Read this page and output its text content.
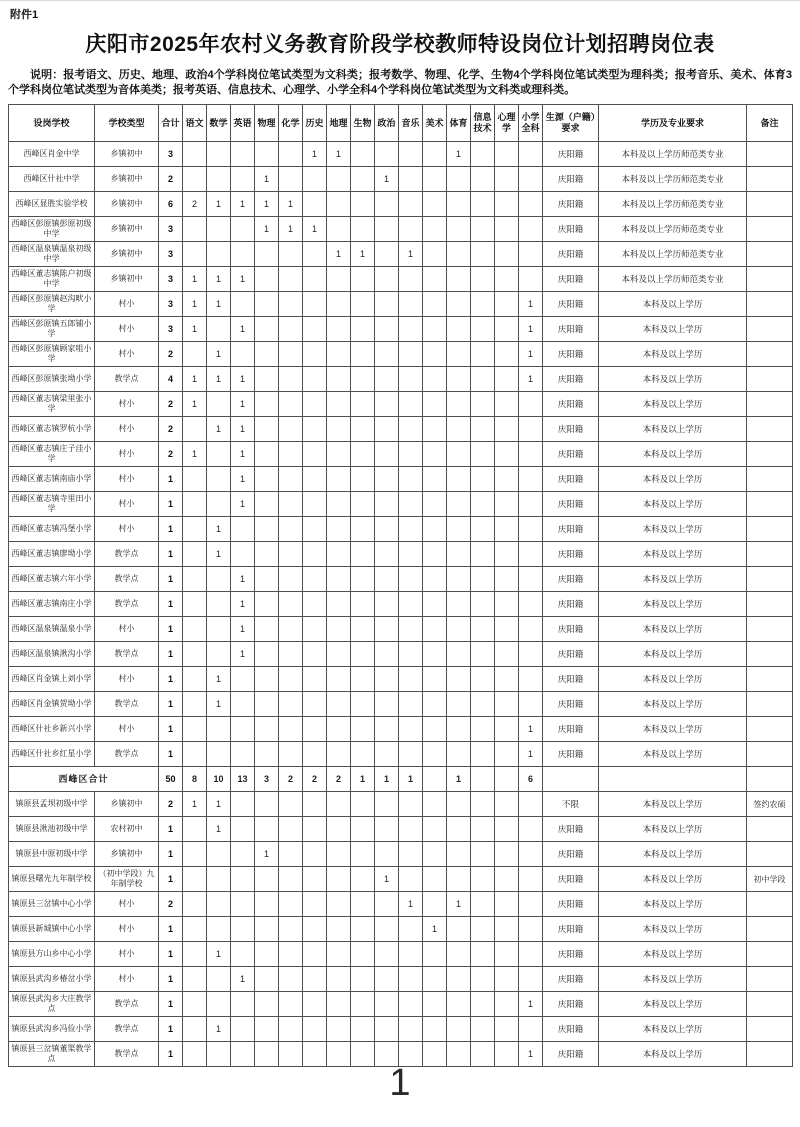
附件1
庆阳市2025年农村义务教育阶段学校教师特设岗位计划招聘岗位表

说明：报考语文、历史、地理、政治4个学科岗位笔试类型为文科类；报考数学、物理、化学、生物4个学科岗位笔试类型为理科类；报考音乐、美术、体育3个学科岗位笔试类型为音体美类；报考英语、信息技术、心理学、小学全科4个学科岗位笔试类型为文科类或理科类。

设岗学校	学校类型	合计	语文	数学	英语	物理	化学	历史	地理	生物	政治	音乐	美术	体育	信息技术	心理学	小学全科	生源（户籍）要求	学历及专业要求	备注
西峰区肖金中学	乡镇初中	3						1	1					1				庆阳籍	本科及以上学历师范类专业	
西峰区什社中学	乡镇初中	2				1					1							庆阳籍	本科及以上学历师范类专业	
西峰区显胜实验学校	乡镇初中	6	2	1	1	1	1											庆阳籍	本科及以上学历师范类专业	
西峰区彭原镇彭原初级中学	乡镇初中	3				1	1	1										庆阳籍	本科及以上学历师范类专业	
西峰区温泉镇温泉初级中学	乡镇初中	3							1	1		1						庆阳籍	本科及以上学历师范类专业	
西峰区董志镇陈户初级中学	乡镇初中	3	1	1	1													庆阳籍	本科及以上学历师范类专业	
西峰区彭原镇赵沟畎小学	村小	3	1	1													1	庆阳籍	本科及以上学历	
西峰区彭原镇五郎铺小学	村小	3	1		1												1	庆阳籍	本科及以上学历	
西峰区彭原镇顾家咀小学	村小	2		1													1	庆阳籍	本科及以上学历	
西峰区彭原镇张坳小学	教学点	4	1	1	1												1	庆阳籍	本科及以上学历	
西峰区董志镇梁里张小学	村小	2	1		1													庆阳籍	本科及以上学历	
西峰区董志镇罗杭小学	村小	2		1	1													庆阳籍	本科及以上学历	
西峰区董志镇庄子洼小学	村小	2	1		1													庆阳籍	本科及以上学历	
西峰区董志镇南庙小学	村小	1			1													庆阳籍	本科及以上学历	
西峰区董志镇寺里田小学	村小	1			1													庆阳籍	本科及以上学历	
西峰区董志镇冯堡小学	村小	1		1														庆阳籍	本科及以上学历	
西峰区董志镇廖坳小学	教学点	1		1														庆阳籍	本科及以上学历	
西峰区董志镇六年小学	教学点	1			1													庆阳籍	本科及以上学历	
西峰区董志镇南庄小学	教学点	1			1													庆阳籍	本科及以上学历	
西峰区温泉镇温泉小学	村小	1			1													庆阳籍	本科及以上学历	
西峰区温泉镇湫沟小学	教学点	1			1													庆阳籍	本科及以上学历	
西峰区肖金镇上刘小学	村小	1		1														庆阳籍	本科及以上学历	
西峰区肖金镇贺坳小学	教学点	1		1														庆阳籍	本科及以上学历	
西峰区什社乡新兴小学	村小	1															1	庆阳籍	本科及以上学历	
西峰区什社乡红星小学	教学点	1															1	庆阳籍	本科及以上学历	
西峰区合计		50	8	10	13	3	2	2	2	1	1	1		1			6			
镇原县孟坝初级中学	乡镇初中	2	1	1														不限	本科及以上学历	签约农硕
镇原县湫池初级中学	农村初中	1		1														庆阳籍	本科及以上学历	
镇原县中原初级中学	乡镇初中	1				1												庆阳籍	本科及以上学历	
镇原县曙光九年制学校	（初中学段）九年制学校	1									1							庆阳籍	本科及以上学历	初中学段
镇原县三岔镇中心小学	村小	2										1		1				庆阳籍	本科及以上学历	
镇原县新城镇中心小学	村小	1											1					庆阳籍	本科及以上学历	
镇原县方山乡中心小学	村小	1		1														庆阳籍	本科及以上学历	
镇原县武沟乡椿岔小学	村小	1			1													庆阳籍	本科及以上学历	
镇原县武沟乡大庄教学点	教学点	1															1	庆阳籍	本科及以上学历	
镇原县武沟乡冯俭小学	教学点	1		1														庆阳籍	本科及以上学历	
镇原县三岔镇董渠教学点	教学点	1															1	庆阳籍	本科及以上学历	
1
